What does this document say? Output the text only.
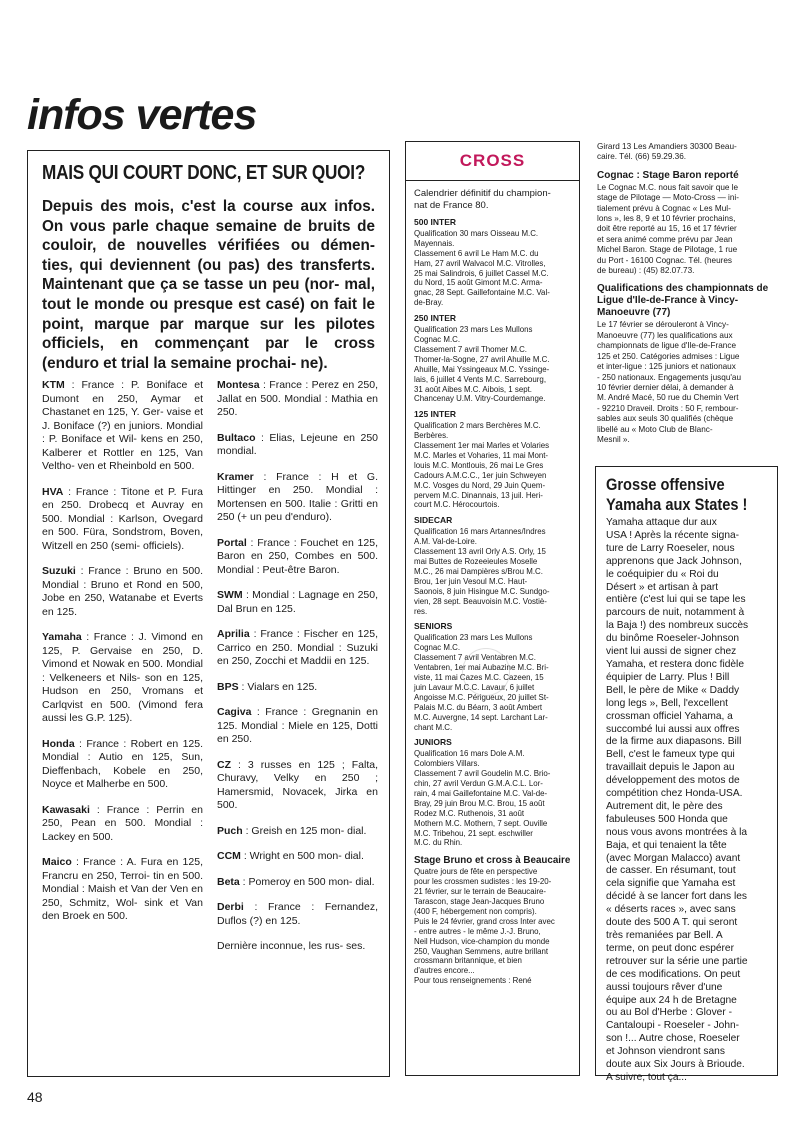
infos vertes
MAIS QUI COURT DONC, ET SUR QUOI?
Depuis des mois, c'est la course aux infos. On vous parle chaque semaine de bruits de couloir, de nouvelles vérifiées ou démen- ties, qui deviennent (ou pas) des transferts. Maintenant que ça se tasse un peu (nor- mal, tout le monde ou presque est casé) on fait le point, marque par marque sur les pilotes officiels, en commençant par le cross (enduro et trial la semaine prochai- ne).
KTM : France : P. Boniface et Dumont en 250, Aymar et Chastanet en 125, Y. Ger- vaise et J. Boniface (?) en juniors. Mondial : P. Boniface et Wil- kens en 250, Kalberer et Rottler en 125, Van Veltho- ven et Rheinbold en 500.
HVA : France : Titone et P. Fura en 250. Drobecq et Auvray en 500. Mondial : Karlson, Ovegard en 500. Füra, Sondstrom, Boven, Witzell en 250 (semi- officiels).
Suzuki : France : Bruno en 500. Mondial : Bruno et Rond en 500, Jobe en 250, Watanabe et Everts en 125.
Yamaha : France : J. Vimond en 125, P. Gervaise en 250, D. Vimond et Nowak en 500. Mondial : Velkeneers et Nils- son en 125, Hudson en 250, Vromans et Carlqvist en 500. (Vimond fera aussi les G.P. 125).
Honda : France : Robert en 125. Mondial : Autio en 125, Sun, Dieffenbach, Kobele en 250, Noyce et Malherbe en 500.
Kawasaki : France : Perrin en 250, Pean en 500. Mondial : Lackey en 500.
Maico : France : A. Fura en 125, Francru en 250, Terroi- tin en 500. Mondial : Maish et Van der Ven en 250, Schmitz, Wol- sink et Van den Broek en 500.
Montesa : France : Perez en 250, Jallat en 500. Mondial : Mathia en 250.
Bultaco : Elias, Lejeune en 250 mondial.
Kramer : France : H et G. Hittinger en 250. Mondial : Mortensen en 500. Italie : Gritti en 250 (+ un peu d'enduro).
Portal : France : Fouchet en 125, Baron en 250, Combes en 500. Mondial : Peut-être Baron.
SWM : Mondial : Lagnage en 250, Dal Brun en 125.
Aprilia : France : Fischer en 125, Carrico en 250. Mondial : Suzuki en 250, Zocchi et Maddii en 125.
BPS : Vialars en 125.
Cagiva : France : Gregnanin en 125. Mondial : Miele en 125, Dotti en 250.
CZ : 3 russes en 125 ; Falta, Churavy, Velky en 250 ; Hamersmid, Novacek, Jirka en 500.
Puch : Greish en 125 mon- dial.
CCM : Wright en 500 mon- dial.
Beta : Pomeroy en 500 mon- dial.
Derbi : France : Fernandez, Duflos (?) en 125.
Dernière inconnue, les rus- ses.
CROSS
Calendrier définitif du champion-
nat de France 80.
500 INTER
Qualification 30 mars Oisseau M.C.
Mayennais.
Classement 6 avril Le Ham M.C. du
Ham, 27 avril Walvacol M.C. Vitrolles,
25 mai Salindrois, 6 juillet Cassel M.C.
du Nord, 15 août Gimont M.C. Arma-
gnac, 28 Sept. Gaillefontaine M.C. Val-
de-Bray.
250 INTER
Qualification 23 mars Les Mullons
Cognac M.C.
Classement 7 avril Thomer M.C.
Thomer-la-Sogne, 27 avril Ahuille M.C.
Ahuille, Mai Yssingeaux M.C. Yssinge-
lais, 6 juillet 4 Vents M.C. Sarrebourg,
31 août Aibes M.C. Aibois, 1 sept.
Chancenay U.M. Vitry-Courdemange.
125 INTER
Qualification 2 mars Berchères M.C.
Berbères.
Classement 1er mai Marles et Volaries
M.C. Marles et Voharies, 11 mai Mont-
louis M.C. Montlouis, 26 mai Le Gres
Cadours A.M.C.C., 1er juin Schweyen
M.C. Vosges du Nord, 29 Juin Quem-
pervem M.C. Dinannais, 13 juil. Heri-
court M.C. Hérocourtois.
SIDECAR
Qualification 16 mars Artannes/Indres
A.M. Val-de-Loire.
Classement 13 avril Orly A.S. Orly, 15
mai Buttes de Rozeeieules Moselle
M.C., 26 mai Dampières s/Brou M.C.
Brou, 1er juin Vesoul M.C. Haut-
Saonois, 8 juin Hisingue M.C. Sundgo-
vien, 28 sept. Beauvoisin M.C. Vostiè-
res.
SENIORS
Qualification 23 mars Les Mullons
Cognac M.C.
Classement 7 avril Ventabren M.C.
Ventabren, 1er mai Aubazine M.C. Bri-
viste, 11 mai Cazes M.C. Cazeen, 15
juin Lavaur M.C.C. Lavaur, 6 juillet
Angoisse M.C. Périgueux, 20 juillet St-
Palais M.C. du Béarn, 3 août Ambert
M.C. Auvergne, 14 sept. Larchant Lar-
chant M.C.
JUNIORS
Qualification 16 mars Dole A.M.
Colombiers Villars.
Classement 7 avril Goudelin M.C. Brio-
chin, 27 avril Verdun G.M.A.C.L. Lor-
rain, 4 mai Gaillefontaine M.C. Val-de-
Bray, 29 juin Brou M.C. Brou, 15 août
Rodez M.C. Ruthenois, 31 août
Mothern M.C. Mothern, 7 sept. Ouville
M.C. Tribehou, 21 sept. eschwiller
M.C. du Rhin.
Stage Bruno et cross à Beaucaire
Quatre jours de fête en perspective
pour les crossmen sudistes : les 19-20-
21 février, sur le terrain de Beaucaire-
Tarascon, stage Jean-Jacques Bruno
(400 F, hébergement non compris).
Puis le 24 février, grand cross Inter avec
- entre autres - le même J.-J. Bruno,
Neil Hudson, vice-champion du monde
250, Vaughan Semmens, autre brillant
crossmann britannique, et bien
d'autres encore...
Pour tous renseignements : René
Girard 13 Les Amandiers 30300 Beau-
caire. Tél. (66) 59.29.36.
Cognac : Stage Baron reporté
Le Cognac M.C. nous fait savoir que le
stage de Pilotage — Moto-Cross — ini-
tialement prévu à Cognac « Les Mul-
lons », les 8, 9 et 10 février prochains,
doit être reporté au 15, 16 et 17 février
et sera animé comme prévu par Jean
Michel Baron. Stage de Pilotage, 1 rue
du Port - 16100 Cognac. Tél. (heures
de bureau) : (45) 82.07.73.
Qualifications des championnats de Ligue d'Ile-de-France à Vincy-Manoeuvre (77)
Le 17 février se dérouleront à Vincy-
Manoeuvre (77) les qualifications aux
championnats de ligue d'Ile-de-France
125 et 250. Catégories admises : Ligue
et inter-ligue : 125 juniors et nationaux
- 250 nationaux. Engagements jusqu'au
10 février dernier délai, à demander à
M. André Macé, 50 rue du Chemin Vert
- 92210 Draveil. Droits : 50 F, rembour-
sables aux seuls 30 qualifiés (chèque
libellé au « Moto Club de Blanc-
Mesnil ».
Grosse offensive
Yamaha aux States !
Yamaha attaque dur aux
USA ! Après la récente signa-
ture de Larry Roeseler, nous
apprenons que Jack Johnson,
le coéquipier du « Roi du
Désert » et artisan à part
entière (c'est lui qui se tape les
parcours de nuit, notamment à
la Baja !) des nombreux succès
du binôme Roeseler-Johnson
vient lui aussi de signer chez
Yamaha, et restera donc fidèle
équipier de Larry. Plus ! Bill
Bell, le père de Mike « Daddy
long legs », Bell, l'excellent
crossman officiel Yahama, a
succombé lui aussi aux offres
de la firme aux diapasons. Bill
Bell, c'est le fameux type qui
travaillait depuis le Japon au
développement des motos de
compétition chez Honda-USA.
Autrement dit, le père des
fabuleuses 500 Honda que
nous vous avons montrées à la
Baja, et qui tenaient la tête
(avec Morgan Malacco) avant
de casser. En résumant, tout
cela signifie que Yamaha est
décidé à se lancer fort dans les
« déserts races », avec sans
doute des 500 A T. qui seront
très remaniées par Bell. A
terme, on peut donc espérer
retrouver sur la série une partie
de ces modifications. On peut
aussi toujours rêver d'une
équipe aux 24 h de Bretagne
ou au Bol d'Herbe : Glover -
Cantaloupi - Roeseler - John-
son !... Autre chose, Roeseler
et Johnson viendront sans
doute aux Six Jours à Brioude.
A suivre, tout ça...
48
